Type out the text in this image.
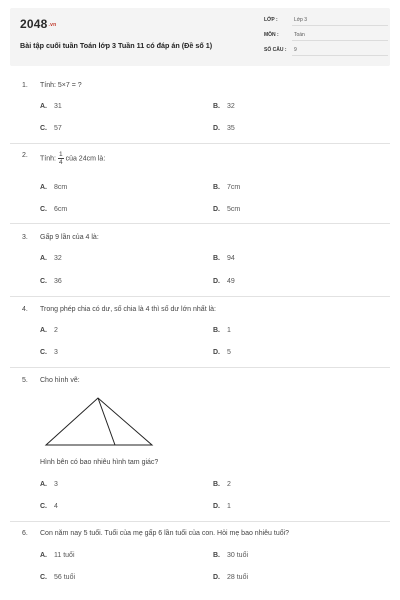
2048.vn
Bài tập cuối tuần Toán lớp 3 Tuần 11 có đáp án (Đề số 1)
LỚP :	Lớp 3
MÔN :	Toán
SỐ CÂU : 9
1. Tính: 5×7 = ?
A. 31	B. 32
C. 57	D. 35
2. Tính: $\frac{1}{4}$ của 24cm là:
A. 8cm	B. 7cm
C. 6cm	D. 5cm
3. Gấp 9 lần của 4 là:
A. 32	B. 94
C. 36	D. 49
4. Trong phép chia có dư, số chia là 4 thì số dư lớn nhất là:
A. 2	B. 1
C. 3	D. 5
5. Cho hình vẽ:
Hình bên có bao nhiêu hình tam giác?
A. 3	B. 2
C. 4	D. 1
6. Con năm nay 5 tuổi. Tuổi của mẹ gấp 6 lần tuổi của con. Hỏi mẹ bao nhiêu tuổi?
A. 11 tuổi	B. 30 tuổi
C. 56 tuổi	D. 28 tuổi
